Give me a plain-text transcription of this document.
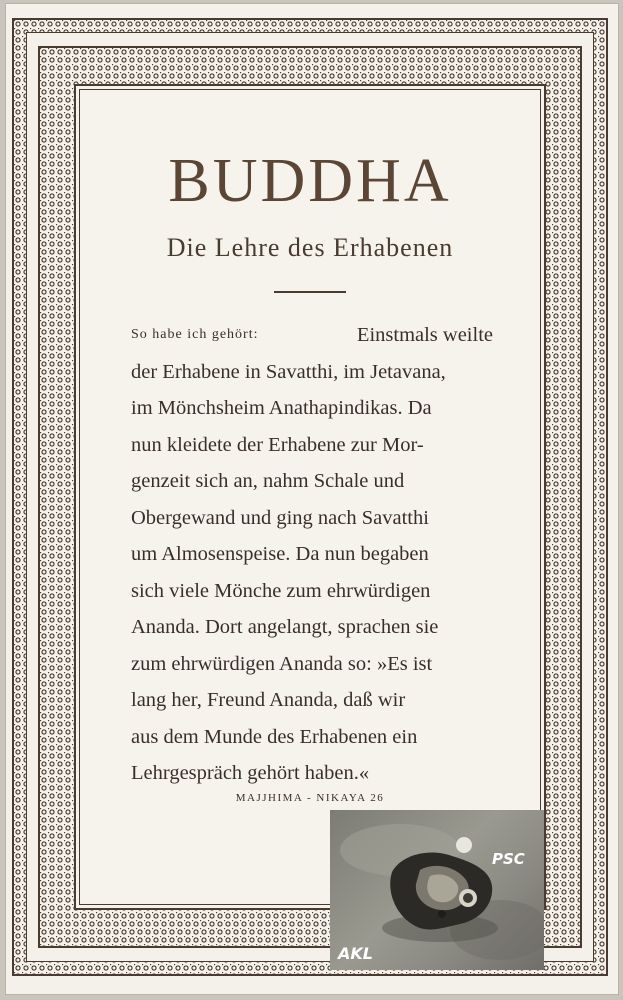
BUDDHA
Die Lehre des Erhabenen
So habe ich gehört:	Einstmals weilte
der Erhabene in Savatthi, im Jetavana,
im Mönchsheim Anathapindikas. Da
nun kleidete der Erhabene zur Mor-
genzeit sich an, nahm Schale und
Obergewand und ging nach Savatthi
um Almosenspeise. Da nun begaben
sich viele Mönche zum ehrwürdigen
Ananda. Dort angelangt, sprachen sie
zum ehrwürdigen Ananda so: »Es ist
lang her, Freund Ananda, daß wir
aus dem Munde des Erhabenen ein
Lehrgespräch gehört haben.«
MAJJHIMA - NIKAYA 26
AKL
PSC
